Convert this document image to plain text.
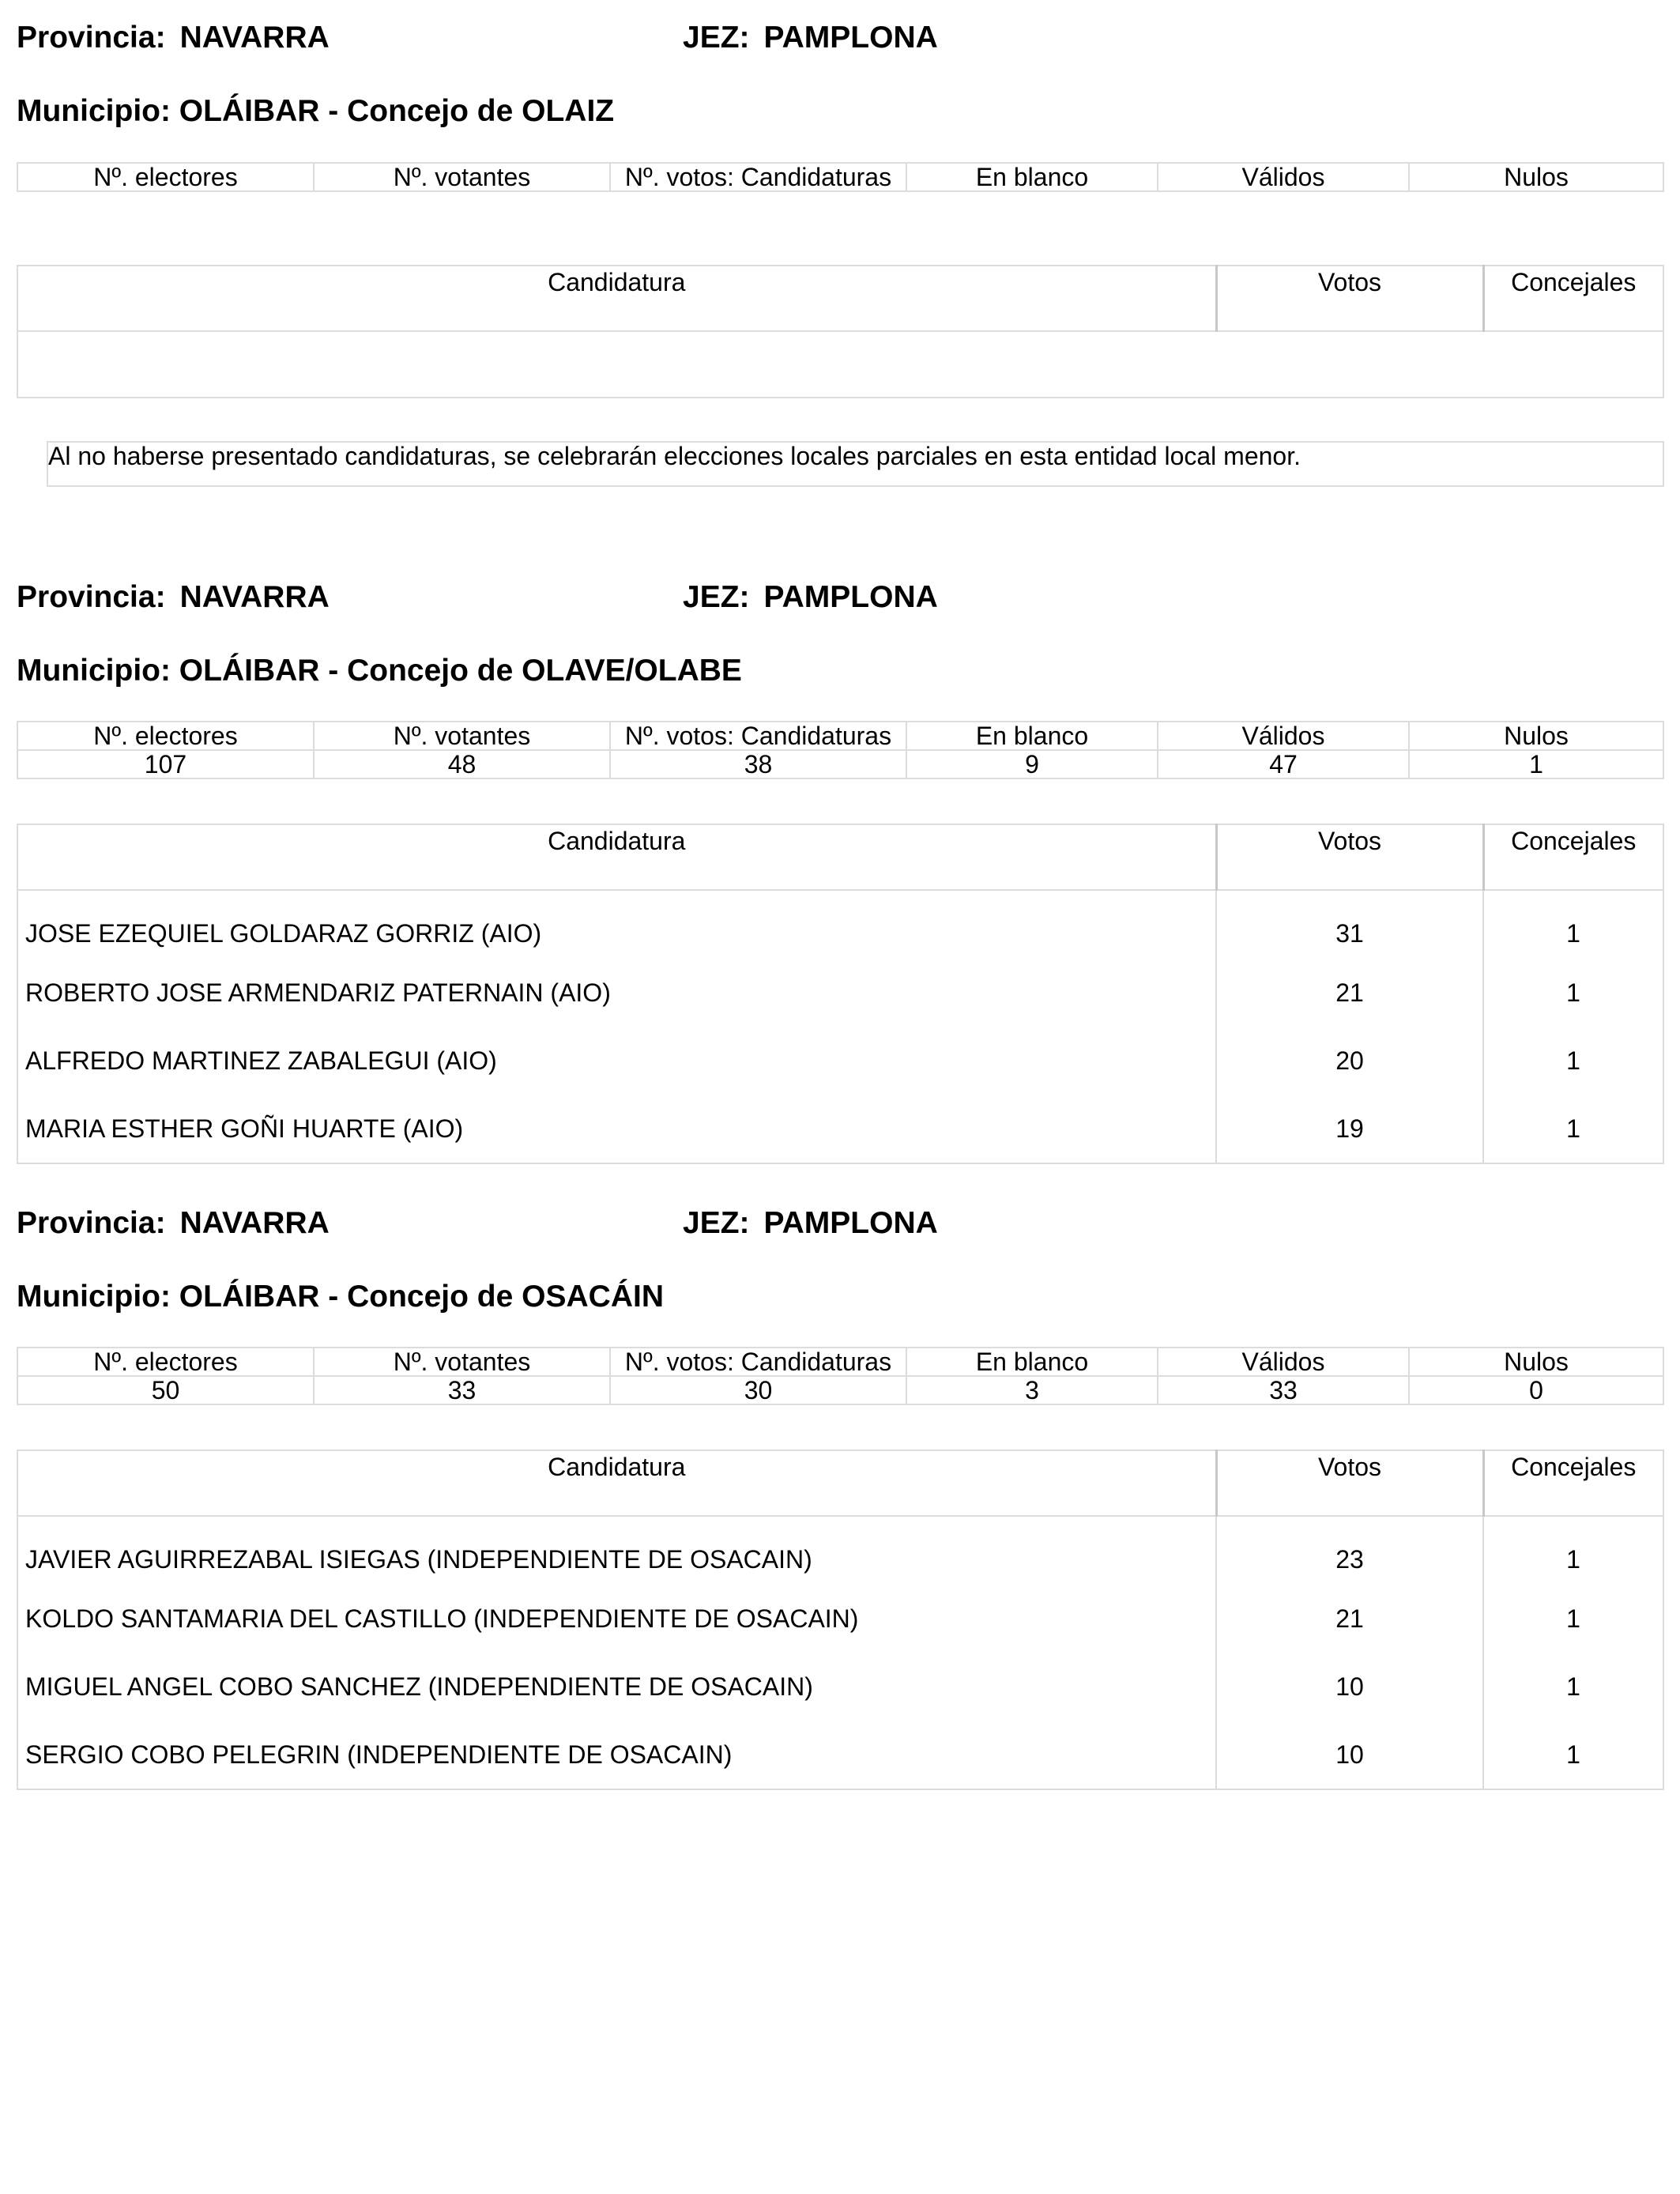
Provincia: NAVARRA	JEZ: PAMPLONA
Municipio: OLÁIBAR - Concejo de OLAIZ
Nº. electores	Nº. votantes	Nº. votos: Candidaturas	En blanco	Válidos	Nulos
Candidatura	Votos	Concejales

Al no haberse presentado candidaturas, se celebrarán elecciones locales parciales en esta entidad local menor.
Provincia: NAVARRA	JEZ: PAMPLONA
Municipio: OLÁIBAR - Concejo de OLAVE/OLABE
Nº. electores	Nº. votantes	Nº. votos: Candidaturas	En blanco	Válidos	Nulos
107	48	38	9	47	1
Candidatura	Votos	Concejales
JOSE EZEQUIEL GOLDARAZ GORRIZ (AIO)	31	1
ROBERTO JOSE ARMENDARIZ PATERNAIN (AIO)	21	1
ALFREDO MARTINEZ ZABALEGUI (AIO)	20	1
MARIA ESTHER GOÑI HUARTE (AIO)	19	1
Provincia: NAVARRA	JEZ: PAMPLONA
Municipio: OLÁIBAR - Concejo de OSACÁIN
Nº. electores	Nº. votantes	Nº. votos: Candidaturas	En blanco	Válidos	Nulos
50	33	30	3	33	0
Candidatura	Votos	Concejales
JAVIER AGUIRREZABAL ISIEGAS (INDEPENDIENTE DE OSACAIN)	23	1
KOLDO SANTAMARIA DEL CASTILLO (INDEPENDIENTE DE OSACAIN)	21	1
MIGUEL ANGEL COBO SANCHEZ (INDEPENDIENTE DE OSACAIN)	10	1
SERGIO COBO PELEGRIN (INDEPENDIENTE DE OSACAIN)	10	1
